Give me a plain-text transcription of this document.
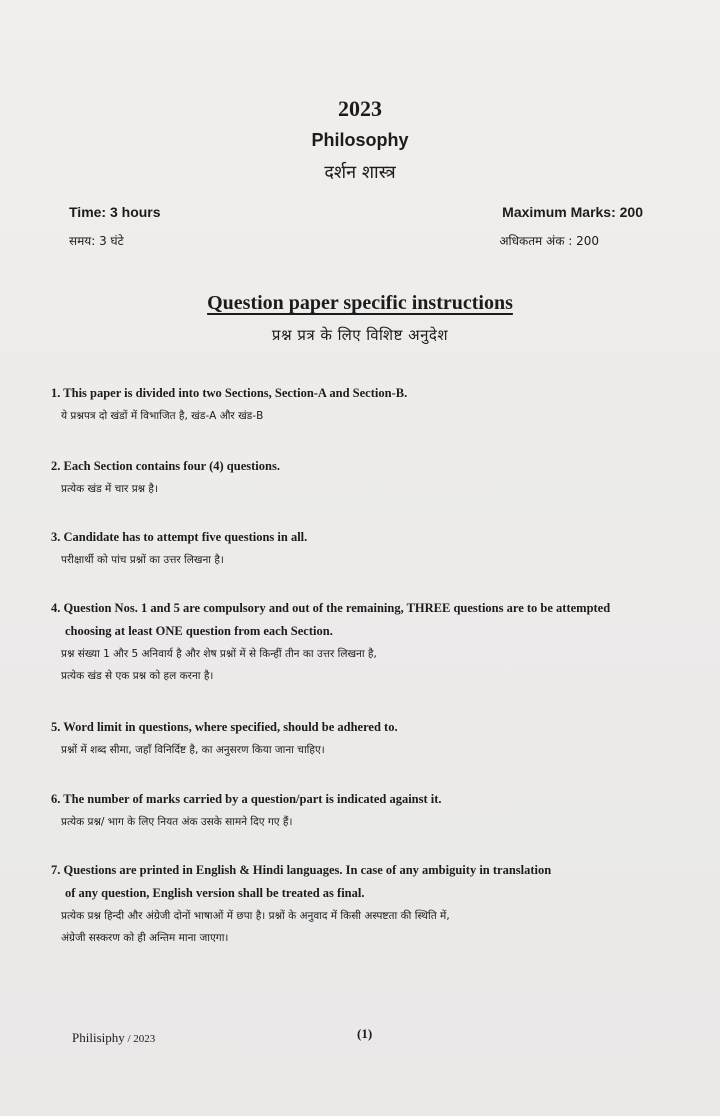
2023
Philosophy
दर्शन शास्त्र
Time: 3 hours
समय: 3 घंटे
Maximum Marks: 200
अधिकतम अंक : 200
Question paper specific instructions
प्रश्न प्रत्र के लिए विशिष्ट अनुदेश
1. This paper is divided into two Sections, Section-A and Section-B.
ये प्रश्नपत्र दो खंडों में विभाजित है, खंड-A और खंड-B
2. Each Section contains four (4) questions.
प्रत्येक खंड में चार प्रश्न है।
3. Candidate has to attempt five questions in all.
परीक्षार्थी को पांच प्रश्नों का उत्तर लिखना है।
4. Question Nos. 1 and 5 are compulsory and out of the remaining, THREE questions are to be attempted
choosing at least ONE question from each Section.
प्रश्न संख्या 1 और 5 अनिवार्य है और शेष प्रश्नों में से किन्हीं तीन का उत्तर लिखना है,
प्रत्येक खंड से एक प्रश्न को हल करना है।
5. Word limit in questions, where specified, should be adhered to.
प्रश्नों में शब्द सीमा, जहाँ विनिर्दिष्ट है, का अनुसरण किया जाना चाहिए।
6. The number of marks carried by a question/part is indicated against it.
प्रत्येक प्रश्न/ भाग के लिए नियत अंक उसके सामने दिए गए हैं।
7. Questions are printed in English & Hindi languages. In case of any ambiguity in translation
of any question, English version shall be treated as final.
प्रत्येक प्रश्न हिन्दी और अंग्रेजी दोनों भाषाओं में छपा है। प्रश्नों के अनुवाद में किसी अस्पष्टता की स्थिति में,
अंग्रेजी सस्करण को ही अन्तिम माना जाएगा।
Philisiphy / 2023	(1)
